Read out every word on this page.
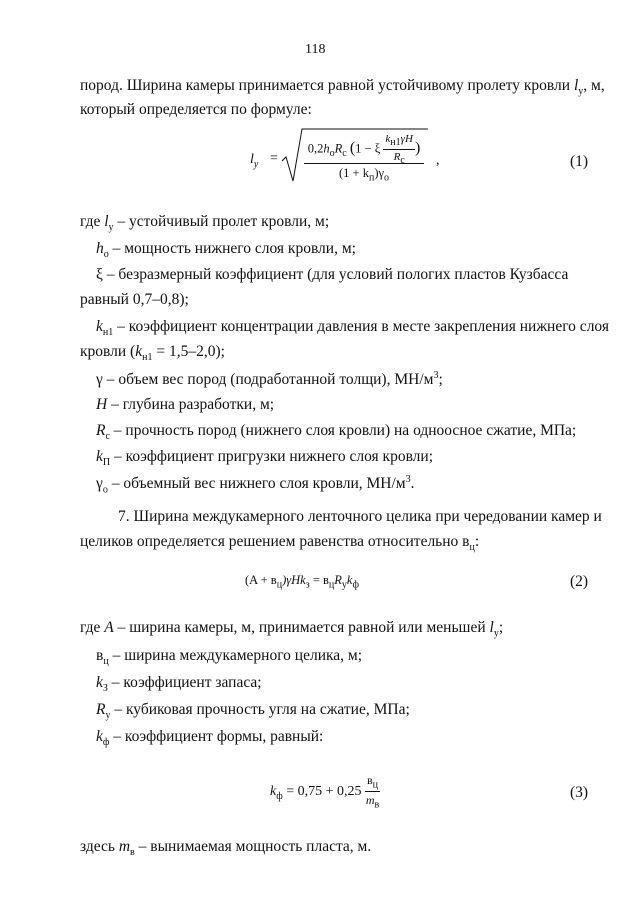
118
пород. Ширина камеры принимается равной устойчивому пролету кровли $l_у$, м,
который определяется по формуле:
$l_у$ =
$0,2h_оR_с$ (1 − ξ $\frac{k_{н1}\gamma H}{R_с}$ )
$(1 + k_п)\gamma_о$
,	(1)
где $l_у$ – устойчивый пролет кровли, м;
$h_о$ – мощность нижнего слоя кровли, м;
ξ – безразмерный коэффициент (для условий пологих пластов Кузбасса
равный 0,7–0,8);
$k_{н1}$ – коэффициент концентрации давления в месте закрепления нижнего слоя
кровли $(k_{н1} = 1,5-2,0)$;
γ – объем вес пород (подработанной толщи), $МН/м^3$;
H – глубина разработки, м;
$R_с$ – прочность пород (нижнего слоя кровли) на одноосное сжатие, МПа;
$k_П$ – коэффициент пригрузки нижнего слоя кровли;
$\gamma_о$ – объемный вес нижнего слоя кровли, $МН/м^3$.
7. Ширина междукамерного ленточного целика при чередовании камер и
целиков определяется решением равенства относительно $в_ц$:
$(A + в_ц)\gamma Hk_з = в_цR_уk_ф$	(2)
где A – ширина камеры, м, принимается равной или меньшей $l_у$;
$в_ц$ – ширина междукамерного целика, м;
$k_З$ – коэффициент запаса;
$R_у$ – кубиковая прочность угля на сжатие, МПа;
$k_ф$ – коэффициент формы, равный:
$k_ф = 0,75 + 0,25 \frac{в_ц}{m_в}$	(3)
здесь $m_в$ – вынимаемая мощность пласта, м.
